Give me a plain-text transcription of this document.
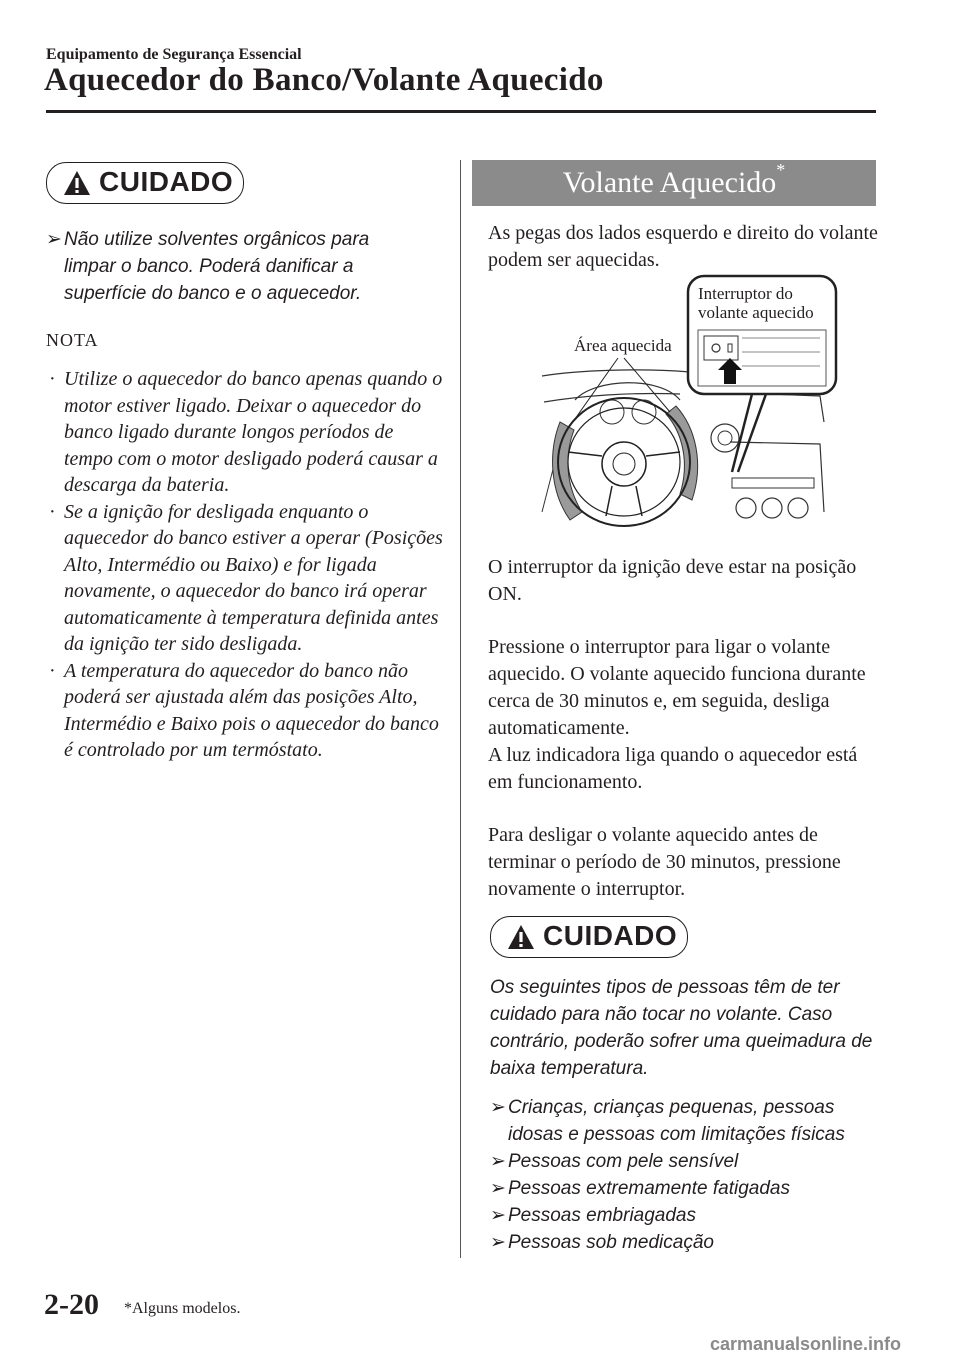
Equipamento de Segurança Essencial
Aquecedor do Banco/Volante Aquecido
CUIDADO
➢ Não utilize solventes orgânicos para limpar o banco. Poderá danificar a superfície do banco e o aquecedor.
NOTA

· Utilize o aquecedor do banco apenas quando o motor estiver ligado. Deixar o aquecedor do banco ligado durante longos períodos de tempo com o motor desligado poderá causar a descarga da bateria.

· Se a ignição for desligada enquanto o aquecedor do banco estiver a operar (Posições Alto, Intermédio ou Baixo) e for ligada novamente, o aquecedor do banco irá operar automaticamente à temperatura definida antes da ignição ter sido desligada.

· A temperatura do aquecedor do banco não poderá ser ajustada além das posições Alto, Intermédio e Baixo pois o aquecedor do banco é controlado por um termóstato.

Volante Aquecido*
As pegas dos lados esquerdo e direito do volante podem ser aquecidas.
Área aquecida
Interruptor do
volante aquecido
O interruptor da ignição deve estar na posição ON.
Pressione o interruptor para ligar o volante aquecido. O volante aquecido funciona durante cerca de 30 minutos e, em seguida, desliga automaticamente.
A luz indicadora liga quando o aquecedor está em funcionamento.
Para desligar o volante aquecido antes de terminar o período de 30 minutos, pressione novamente o interruptor.
CUIDADO
Os seguintes tipos de pessoas têm de ter cuidado para não tocar no volante. Caso contrário, poderão sofrer uma queimadura de baixa temperatura.
➢ Crianças, crianças pequenas, pessoas idosas e pessoas com limitações físicas
➢ Pessoas com pele sensível
➢ Pessoas extremamente fatigadas
➢ Pessoas embriagadas
➢ Pessoas sob medicação
2-20 *Alguns modelos.
carmanualsonline.info
